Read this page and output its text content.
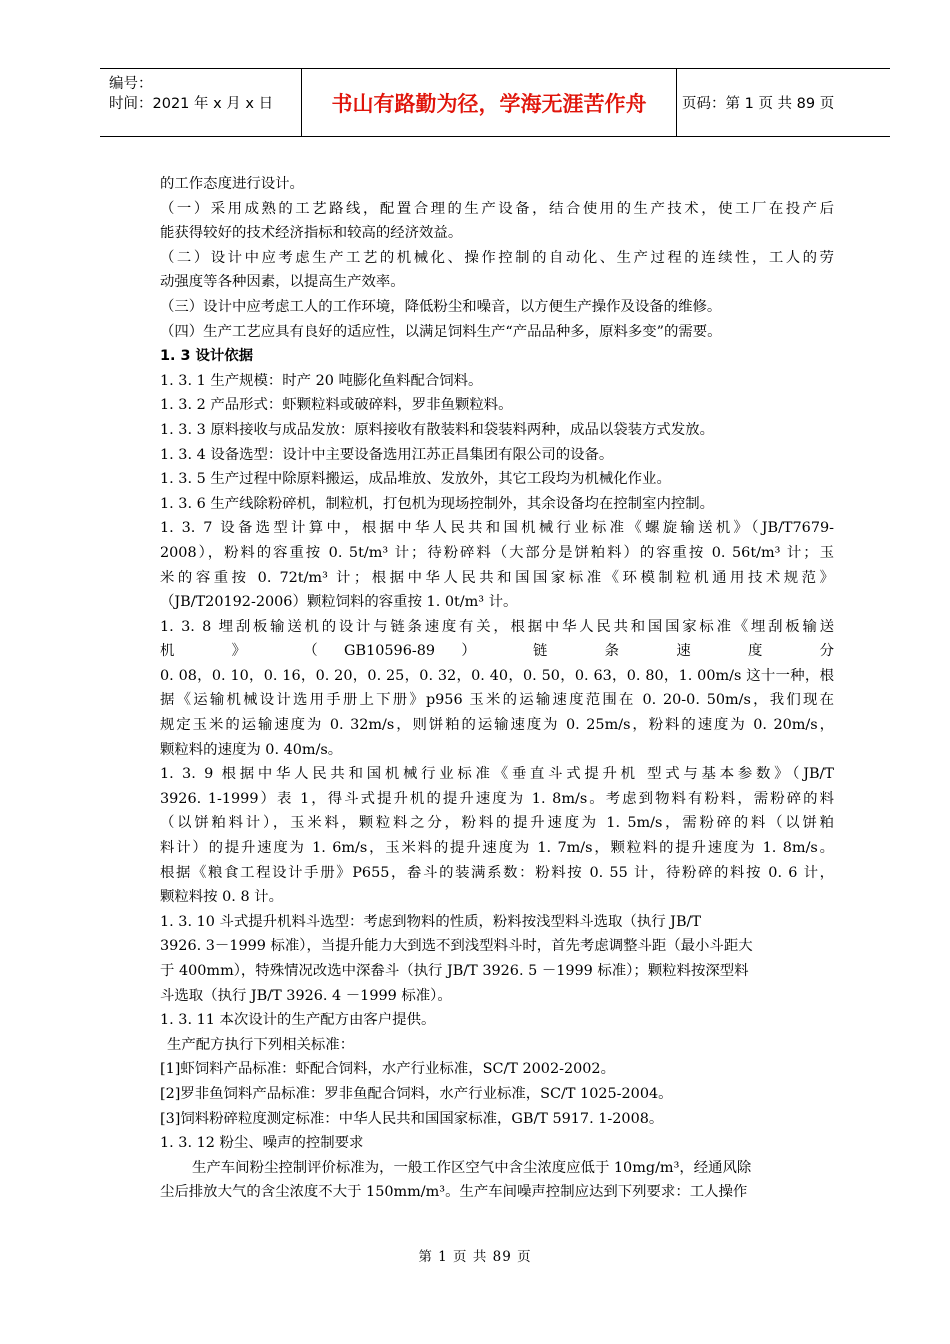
编号：
时间：2021 年 x 月 x 日	书山有路勤为径，学海无涯苦作舟	页码：第 1 页 共 89 页
的工作态度进行设计。
（一）采用成熟的工艺路线，配置合理的生产设备，结合使用的生产技术，使工厂在投产后
能获得较好的技术经济指标和较高的经济效益。
（二）设计中应考虑生产工艺的机械化、操作控制的自动化、生产过程的连续性，工人的劳
动强度等各种因素，以提高生产效率。
（三）设计中应考虑工人的工作环境，降低粉尘和噪音，以方便生产操作及设备的维修。
（四）生产工艺应具有良好的适应性，以满足饲料生产“产品品种多，原料多变”的需要。
1. 3 设计依据
1. 3. 1 生产规模：时产 20 吨膨化鱼料配合饲料。
1. 3. 2 产品形式：虾颗粒料或破碎料，罗非鱼颗粒料。
1. 3. 3 原料接收与成品发放：原料接收有散装料和袋装料两种，成品以袋装方式发放。
1. 3. 4 设备选型：设计中主要设备选用江苏正昌集团有限公司的设备。
1. 3. 5 生产过程中除原料搬运，成品堆放、发放外，其它工段均为机械化作业。
1. 3. 6 生产线除粉碎机，制粒机，打包机为现场控制外，其余设备均在控制室内控制。
1. 3. 7 设备选型计算中，根据中华人民共和国机械行业标准《螺旋输送机》（JB/T7679-
2008），粉料的容重按 0. 5t/m³ 计；待粉碎料（大部分是饼粕料）的容重按 0. 56t/m³ 计；玉
米的容重按 0. 72t/m³ 计；根据中华人民共和国国家标准《环模制粒机通用技术规范》
（JB/T20192-2006）颗粒饲料的容重按 1. 0t/m³ 计。
1. 3. 8 埋刮板输送机的设计与链条速度有关，根据中华人民共和国国家标准《埋刮板输送
机 》 （GB10596-89） 链 条 速 度 分
0. 08，0. 10，0. 16，0. 20，0. 25，0. 32，0. 40，0. 50，0. 63，0. 80，1. 00m/s 这十一种，根
据《运输机械设计选用手册上下册》p956 玉米的运输速度范围在 0. 20-0. 50m/s，我们现在
规定玉米的运输速度为 0. 32m/s，则饼粕的运输速度为 0. 25m/s，粉料的速度为 0. 20m/s，
颗粒料的速度为 0. 40m/s。
1. 3. 9 根据中华人民共和国机械行业标准《垂直斗式提升机 型式与基本参数》（JB/T
3926. 1-1999）表 1，得斗式提升机的提升速度为 1. 8m/s。考虑到物料有粉料，需粉碎的料
（以饼粕料计），玉米料，颗粒料之分，粉料的提升速度为 1. 5m/s，需粉碎的料（以饼粕
料计）的提升速度为 1. 6m/s，玉米料的提升速度为 1. 7m/s，颗粒料的提升速度为 1. 8m/s。
根据《粮食工程设计手册》P655，畚斗的装满系数：粉料按 0. 55 计，待粉碎的料按 0. 6 计，
颗粒料按 0. 8 计。
1. 3. 10 斗式提升机料斗选型：考虑到物料的性质，粉料按浅型料斗选取（执行 JB/T
3926. 3－1999 标准），当提升能力大到选不到浅型料斗时，首先考虑调整斗距（最小斗距大
于 400mm），特殊情况改选中深畚斗（执行 JB/T 3926. 5 －1999 标准）；颗粒料按深型料
斗选取（执行 JB/T 3926. 4 －1999 标准）。
1. 3. 11 本次设计的生产配方由客户提供。
生产配方执行下列相关标准：
[1]虾饲料产品标准：虾配合饲料，水产行业标准，SC/T 2002-2002。
[2]罗非鱼饲料产品标准：罗非鱼配合饲料，水产行业标准，SC/T 1025-2004。
[3]饲料粉碎粒度测定标准：中华人民共和国国家标准，GB/T 5917. 1-2008。
1. 3. 12 粉尘、噪声的控制要求
生产车间粉尘控制评价标准为，一般工作区空气中含尘浓度应低于 10mg/m³，经通风除
尘后排放大气的含尘浓度不大于 150mm/m³。生产车间噪声控制应达到下列要求：工人操作
第 1 页 共 89 页
